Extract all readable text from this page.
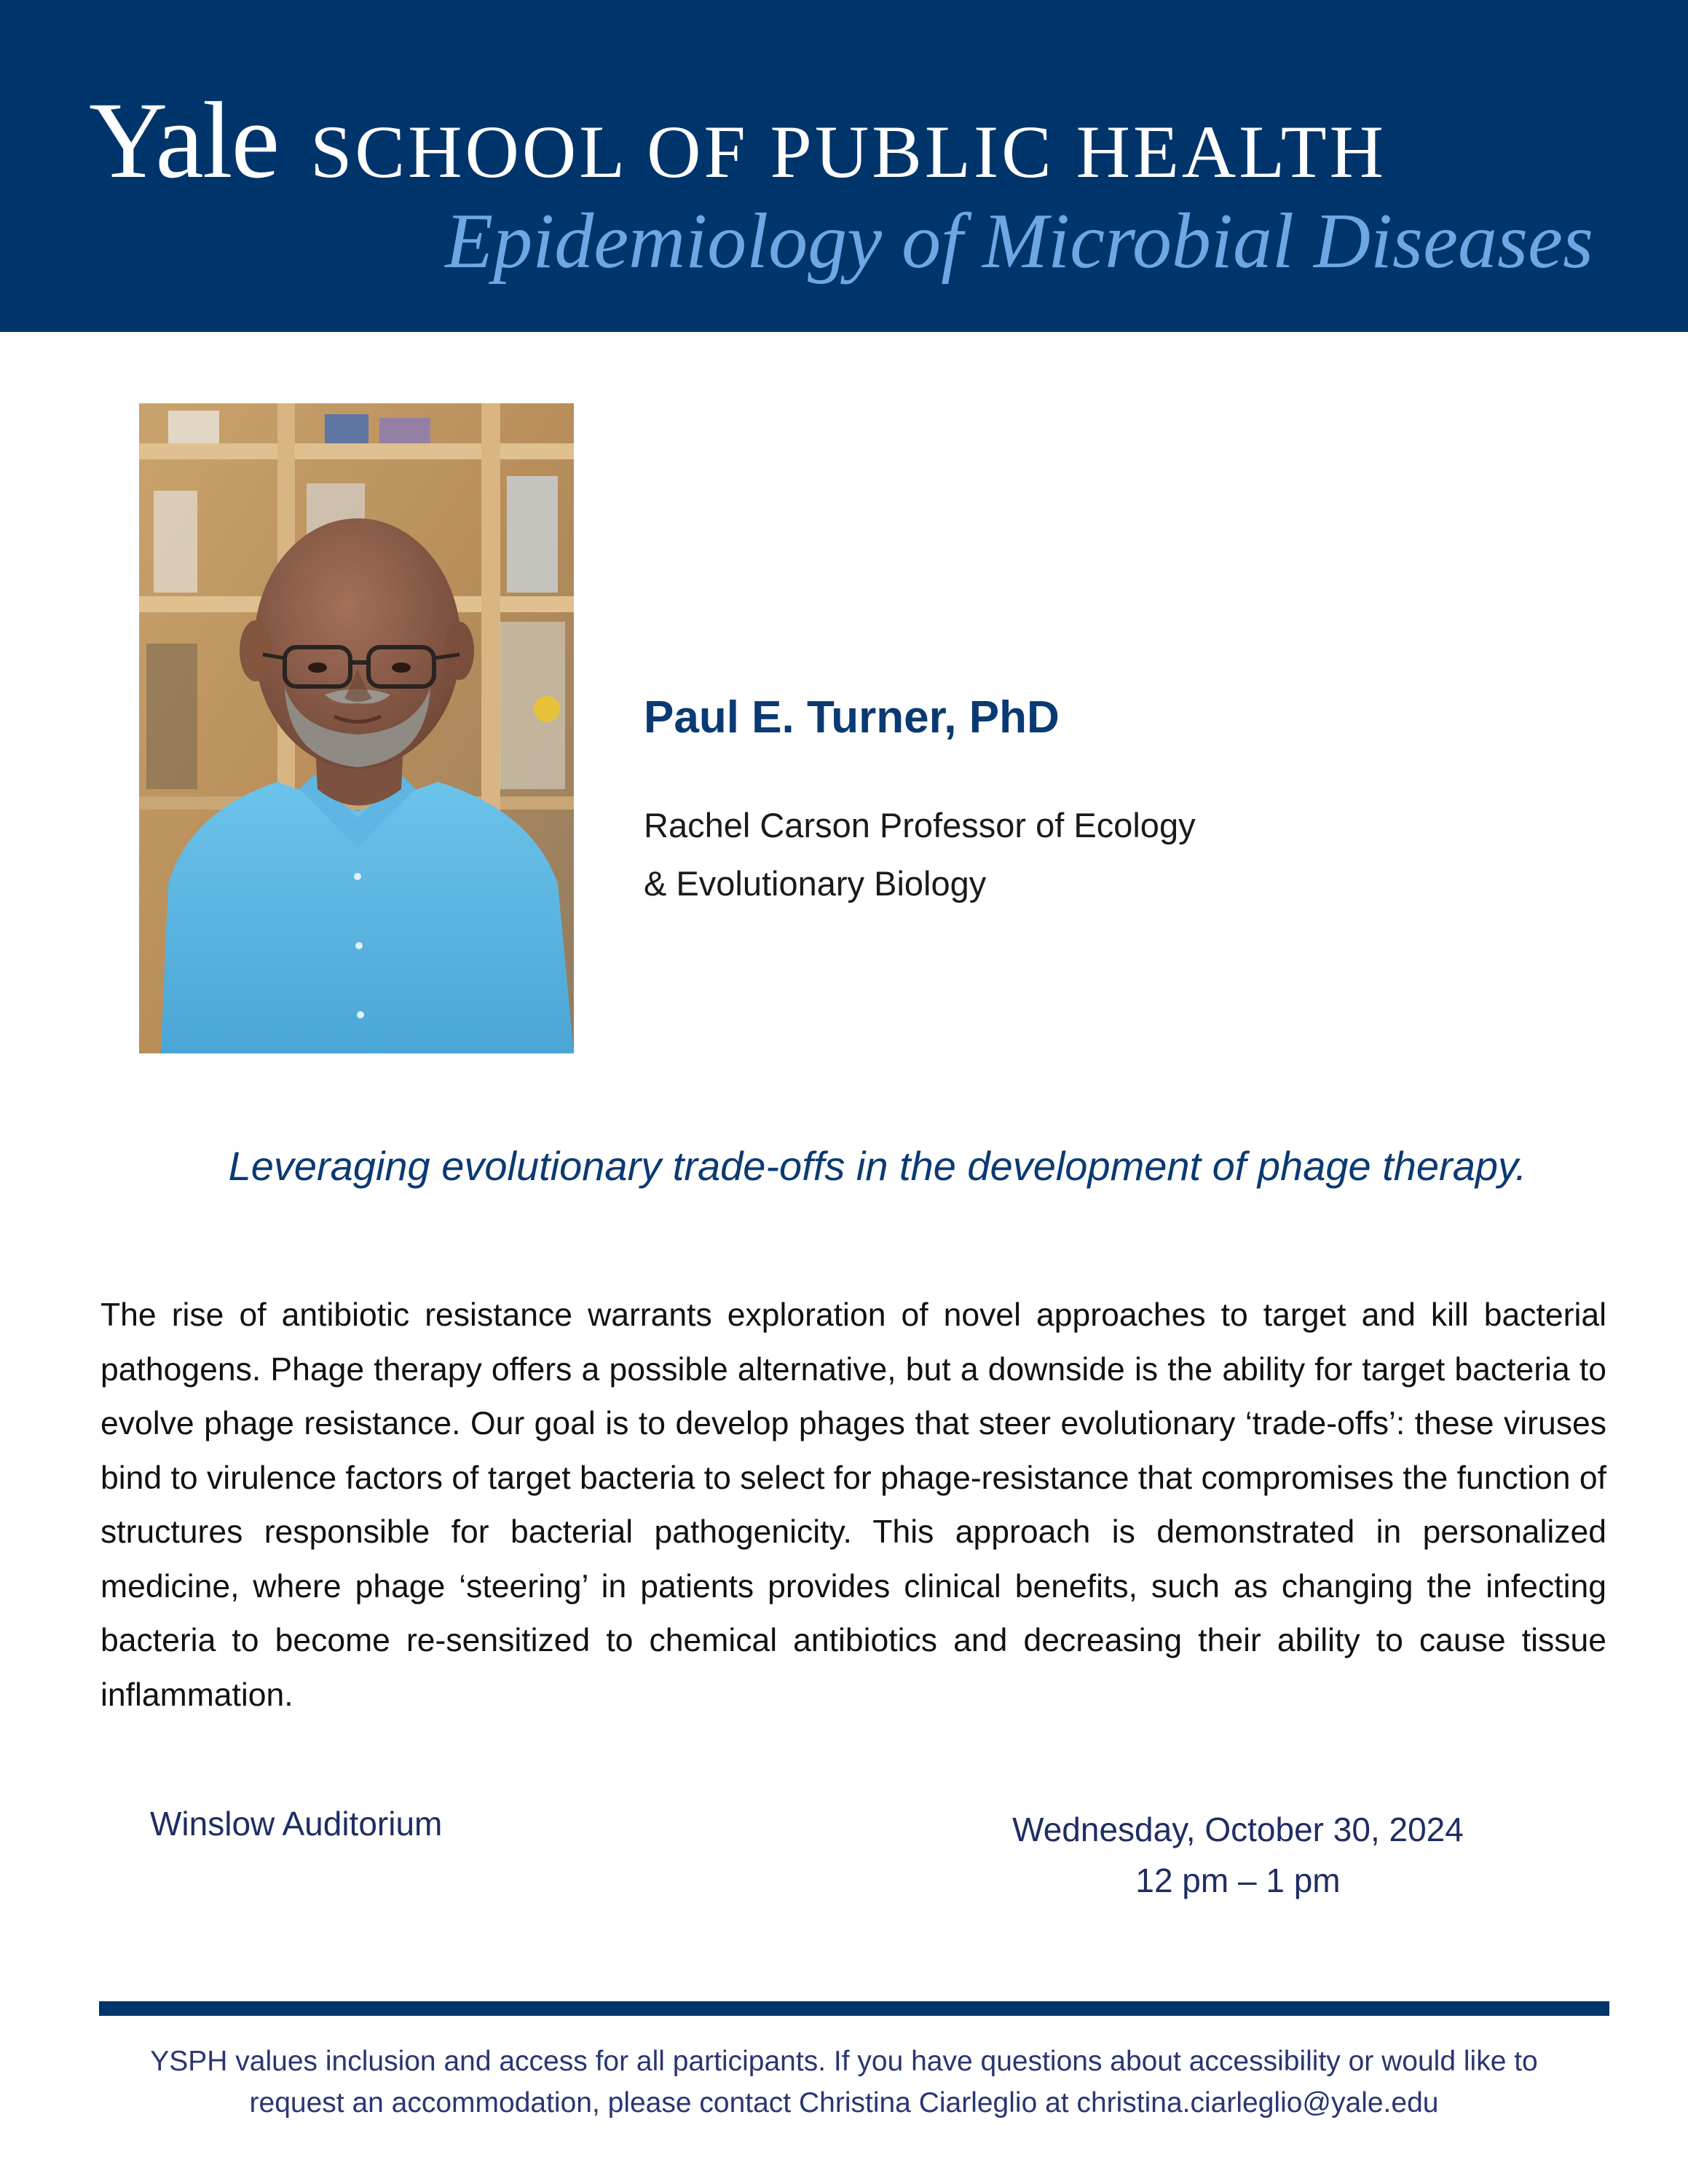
Yale SCHOOL OF PUBLIC HEALTH
Epidemiology of Microbial Diseases
Paul E. Turner, PhD
Rachel Carson Professor of Ecology
& Evolutionary Biology
Leveraging evolutionary trade-offs in the development of phage therapy.
The rise of antibiotic resistance warrants exploration of novel approaches to target and kill bacterial pathogens. Phage therapy offers a possible alternative, but a downside is the ability for target bacteria to evolve phage resistance. Our goal is to develop phages that steer evolutionary ‘trade-offs’: these viruses bind to virulence factors of target bacteria to select for phage-resistance that compromises the function of structures responsible for bacterial pathogenicity. This approach is demonstrated in personalized medicine, where phage ‘steering’ in patients provides clinical benefits, such as changing the infecting bacteria to become re-sensitized to chemical antibiotics and decreasing their ability to cause tissue inflammation.
Winslow Auditorium	Wednesday, October 30, 2024
12 pm – 1 pm
YSPH values inclusion and access for all participants. If you have questions about accessibility or would like to
request an accommodation, please contact Christina Ciarleglio at christina.ciarleglio@yale.edu
